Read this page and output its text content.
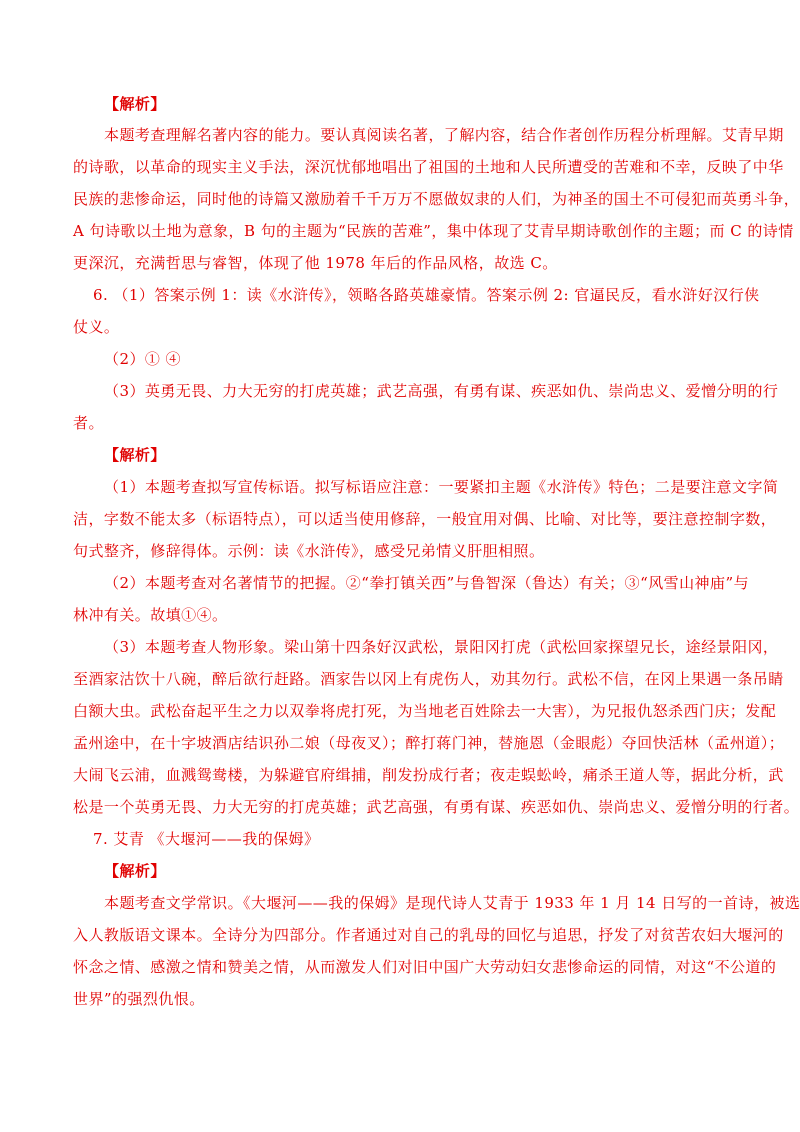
【解析】
本题考查理解名著内容的能力。要认真阅读名著，了解内容，结合作者创作历程分析理解。艾青早期
的诗歌，以革命的现实主义手法，深沉忧郁地唱出了祖国的土地和人民所遭受的苦难和不幸，反映了中华
民族的悲惨命运，同时他的诗篇又激励着千千万万不愿做奴隶的人们，为神圣的国土不可侵犯而英勇斗争，
A 句诗歌以土地为意象，B 句的主题为“民族的苦难”，集中体现了艾青早期诗歌创作的主题；而 C 的诗情
更深沉，充满哲思与睿智，体现了他 1978 年后的作品风格，故选 C。
6. （1）答案示例 1：读《水浒传》，领略各路英雄豪情。答案示例 2: 官逼民反，看水浒好汉行侠
仗义。
（2）① ④
（3）英勇无畏、力大无穷的打虎英雄；武艺高强，有勇有谋、疾恶如仇、崇尚忠义、爱憎分明的行
者。
【解析】
（1）本题考查拟写宣传标语。拟写标语应注意：一要紧扣主题《水浒传》特色；二是要注意文字简
洁，字数不能太多（标语特点），可以适当使用修辞，一般宜用对偶、比喻、对比等，要注意控制字数，
句式整齐，修辞得体。示例：读《水浒传》，感受兄弟情义肝胆相照。
（2）本题考查对名著情节的把握。②“拳打镇关西”与鲁智深（鲁达）有关；③“风雪山神庙”与
林冲有关。故填①④。
（3）本题考查人物形象。梁山第十四条好汉武松，景阳冈打虎（武松回家探望兄长，途经景阳冈，
至酒家沽饮十八碗，醉后欲行赶路。酒家告以冈上有虎伤人，劝其勿行。武松不信，在冈上果遇一条吊睛
白额大虫。武松奋起平生之力以双拳将虎打死，为当地老百姓除去一大害），为兄报仇怒杀西门庆；发配
孟州途中，在十字坡酒店结识孙二娘（母夜叉）；醉打蒋门神，替施恩（金眼彪）夺回快活林（孟州道）；
大闹飞云浦，血溅鸳鸯楼，为躲避官府缉捕，削发扮成行者；夜走蜈蚣岭，痛杀王道人等，据此分析，武
松是一个英勇无畏、力大无穷的打虎英雄；武艺高强，有勇有谋、疾恶如仇、崇尚忠义、爱憎分明的行者。
7. 艾青 《大堰河——我的保姆》
【解析】
本题考查文学常识。《大堰河——我的保姆》是现代诗人艾青于 1933 年 1 月 14 日写的一首诗，被选
入人教版语文课本。全诗分为四部分。作者通过对自己的乳母的回忆与追思，抒发了对贫苦农妇大堰河的
怀念之情、感激之情和赞美之情，从而激发人们对旧中国广大劳动妇女悲惨命运的同情，对这“不公道的
世界”的强烈仇恨。
